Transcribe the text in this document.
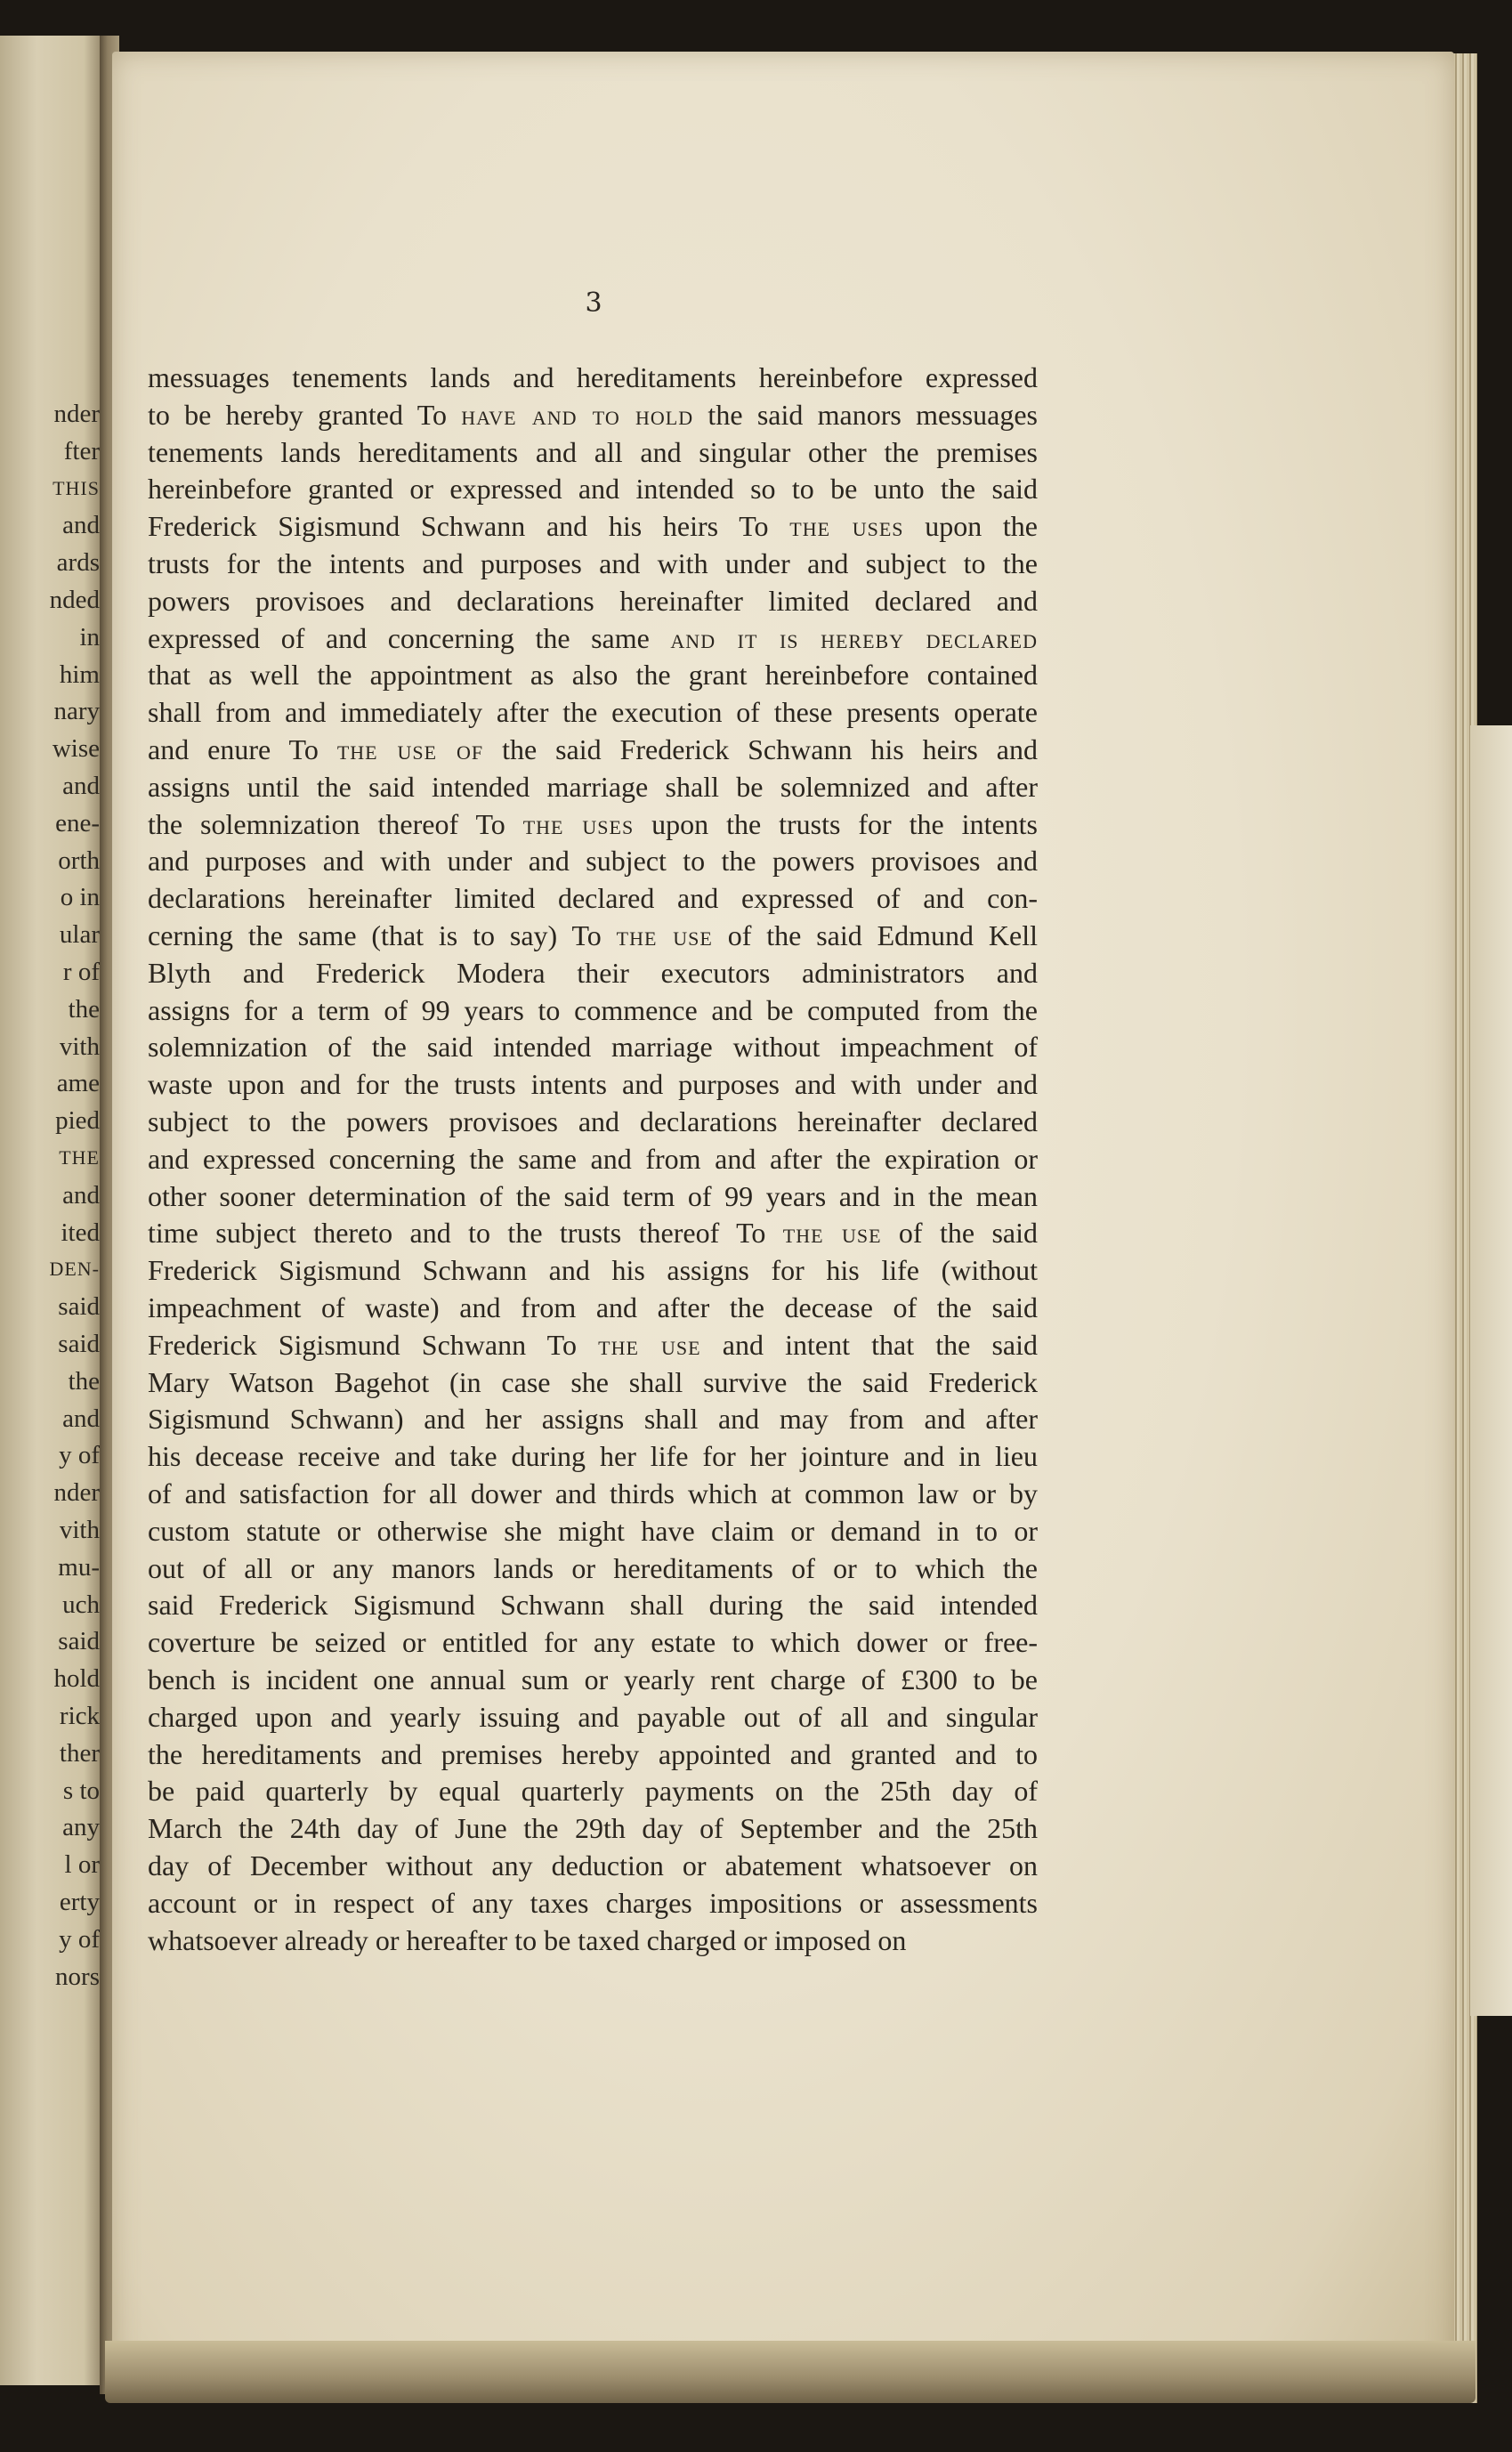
nder
fter
THIS
and
ards
nded
in
him
nary
wise
and
ene-
orth
o in
ular
r of
the
vith
ame
pied
THE
and
ited
DEN-
said
said
the
and
y of
nder
vith
mu-
uch
said
hold
rick
ther
s to
any
l or
erty
y of
nors

3

messuages tenements lands and hereditaments hereinbefore expressed
to be hereby granted To have and to hold the said manors messuages
tenements lands hereditaments and all and singular other the premises
hereinbefore granted or expressed and intended so to be unto the said
Frederick Sigismund Schwann and his heirs To the uses upon the
trusts for the intents and purposes and with under and subject to the
powers provisoes and declarations hereinafter limited declared and
expressed of and concerning the same and it is hereby declared
that as well the appointment as also the grant hereinbefore contained
shall from and immediately after the execution of these presents operate
and enure To the use of the said Frederick Schwann his heirs and
assigns until the said intended marriage shall be solemnized and after
the solemnization thereof To the uses upon the trusts for the intents
and purposes and with under and subject to the powers provisoes and
declarations hereinafter limited declared and expressed of and con-
cerning the same (that is to say) To the use of the said Edmund Kell
Blyth and Frederick Modera their executors administrators and
assigns for a term of 99 years to commence and be computed from the
solemnization of the said intended marriage without impeachment of
waste upon and for the trusts intents and purposes and with under and
subject to the powers provisoes and declarations hereinafter declared
and expressed concerning the same and from and after the expiration or
other sooner determination of the said term of 99 years and in the mean
time subject thereto and to the trusts thereof To the use of the said
Frederick Sigismund Schwann and his assigns for his life (without
impeachment of waste) and from and after the decease of the said
Frederick Sigismund Schwann To the use and intent that the said
Mary Watson Bagehot (in case she shall survive the said Frederick
Sigismund Schwann) and her assigns shall and may from and after
his decease receive and take during her life for her jointure and in lieu
of and satisfaction for all dower and thirds which at common law or by
custom statute or otherwise she might have claim or demand in to or
out of all or any manors lands or hereditaments of or to which the
said Frederick Sigismund Schwann shall during the said intended
coverture be seized or entitled for any estate to which dower or free-
bench is incident one annual sum or yearly rent charge of £300 to be
charged upon and yearly issuing and payable out of all and singular
the hereditaments and premises hereby appointed and granted and to
be paid quarterly by equal quarterly payments on the 25th day of
March the 24th day of June the 29th day of September and the 25th
day of December without any deduction or abatement whatsoever on
account or in respect of any taxes charges impositions or assessments
whatsoever already or hereafter to be taxed charged or imposed on
